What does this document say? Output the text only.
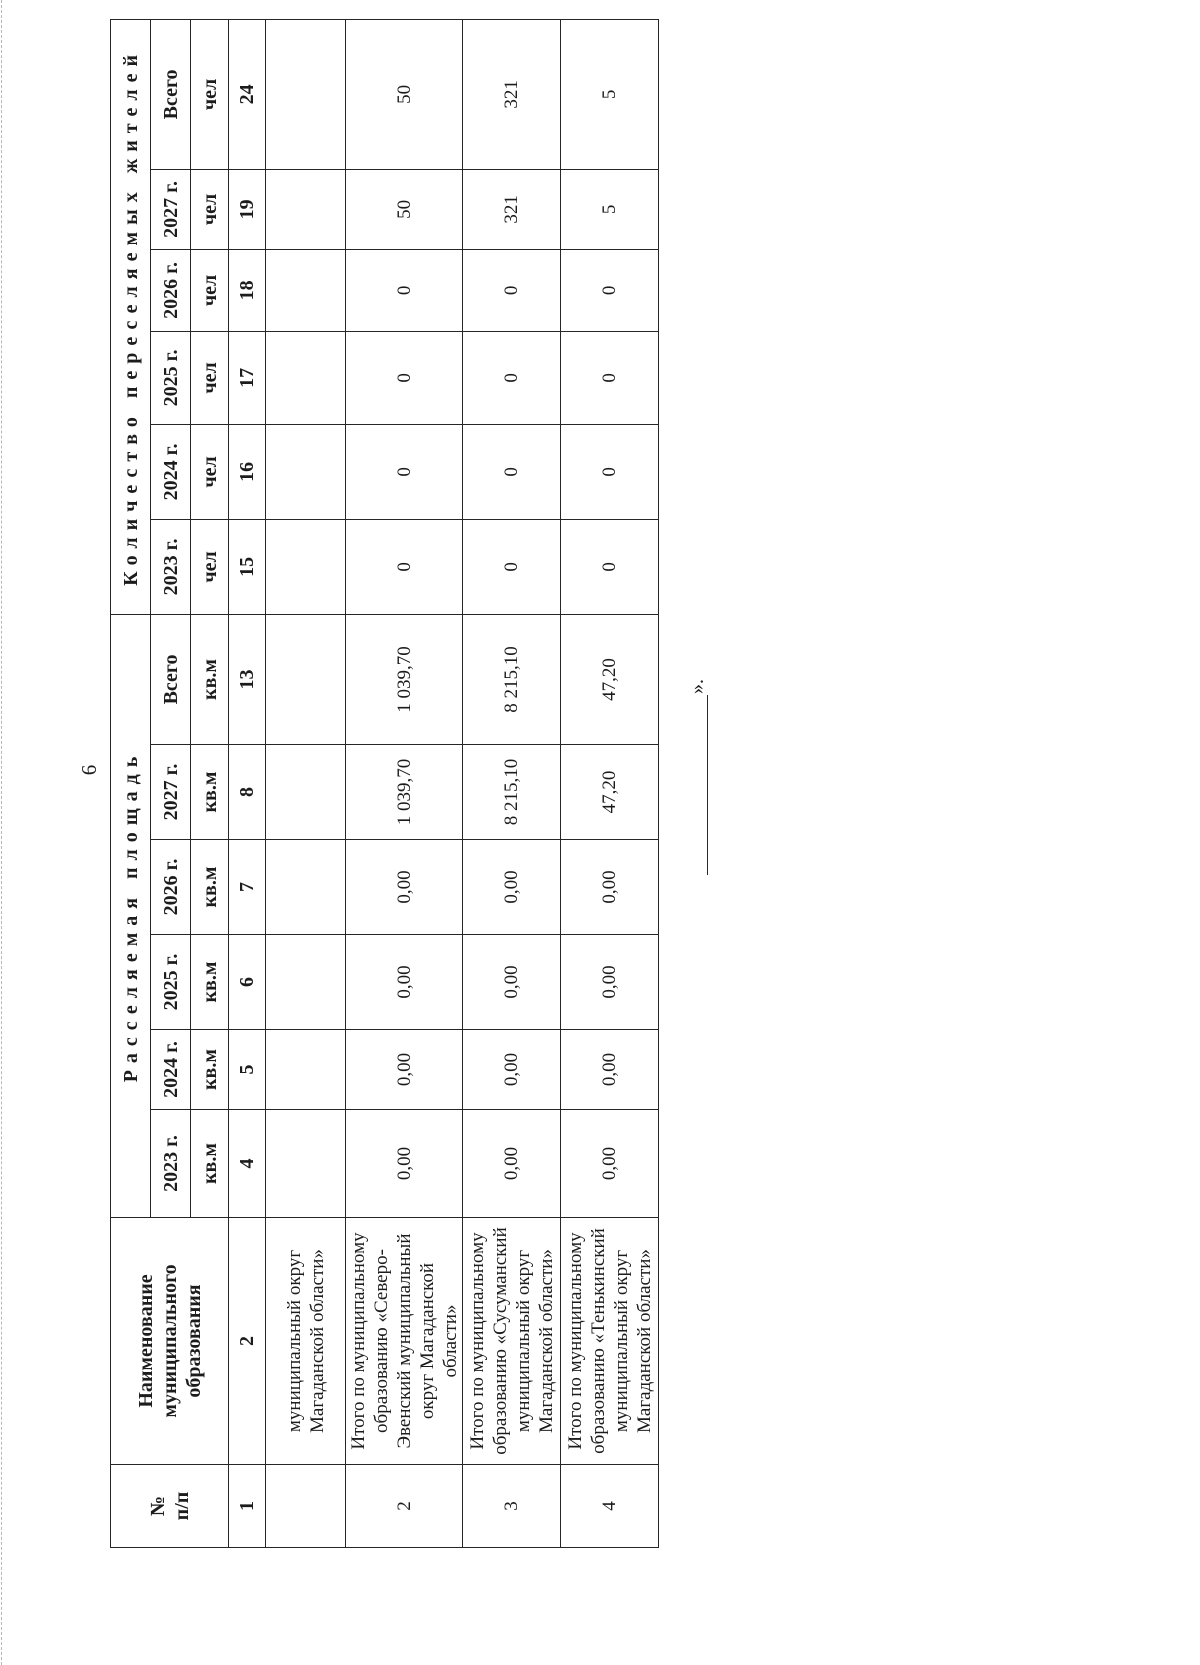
6
№
п/п	Наименование
муниципального
образования	Расселяемая площадь						Количество переселяемых жителей					
		2023 г.	2024 г.	2025 г.	2026 г.	2027 г.	Всего	2023 г.	2024 г.	2025 г.	2026 г.	2027 г.	Всего
		кв.м	кв.м	кв.м	кв.м	кв.м	кв.м	чел	чел	чел	чел	чел	чел
1	2	4	5	6	7	8	13	15	16	17	18	19	24
	муниципальный округ
Магаданской области»												
2	Итого по муниципальному
образованию «Северо-
Эвенский муниципальный
округ Магаданской
области»	0,00	0,00	0,00	0,00	1 039,70	1 039,70	0	0	0	0	50	50
3	Итого по муниципальному
образованию «Сусуманский
муниципальный округ
Магаданской области»	0,00	0,00	0,00	0,00	8 215,10	8 215,10	0	0	0	0	321	321
4	Итого по муниципальному
образованию «Тенькинский
муниципальный округ
Магаданской области»	0,00	0,00	0,00	0,00	47,20	47,20	0	0	0	0	5	5
».
